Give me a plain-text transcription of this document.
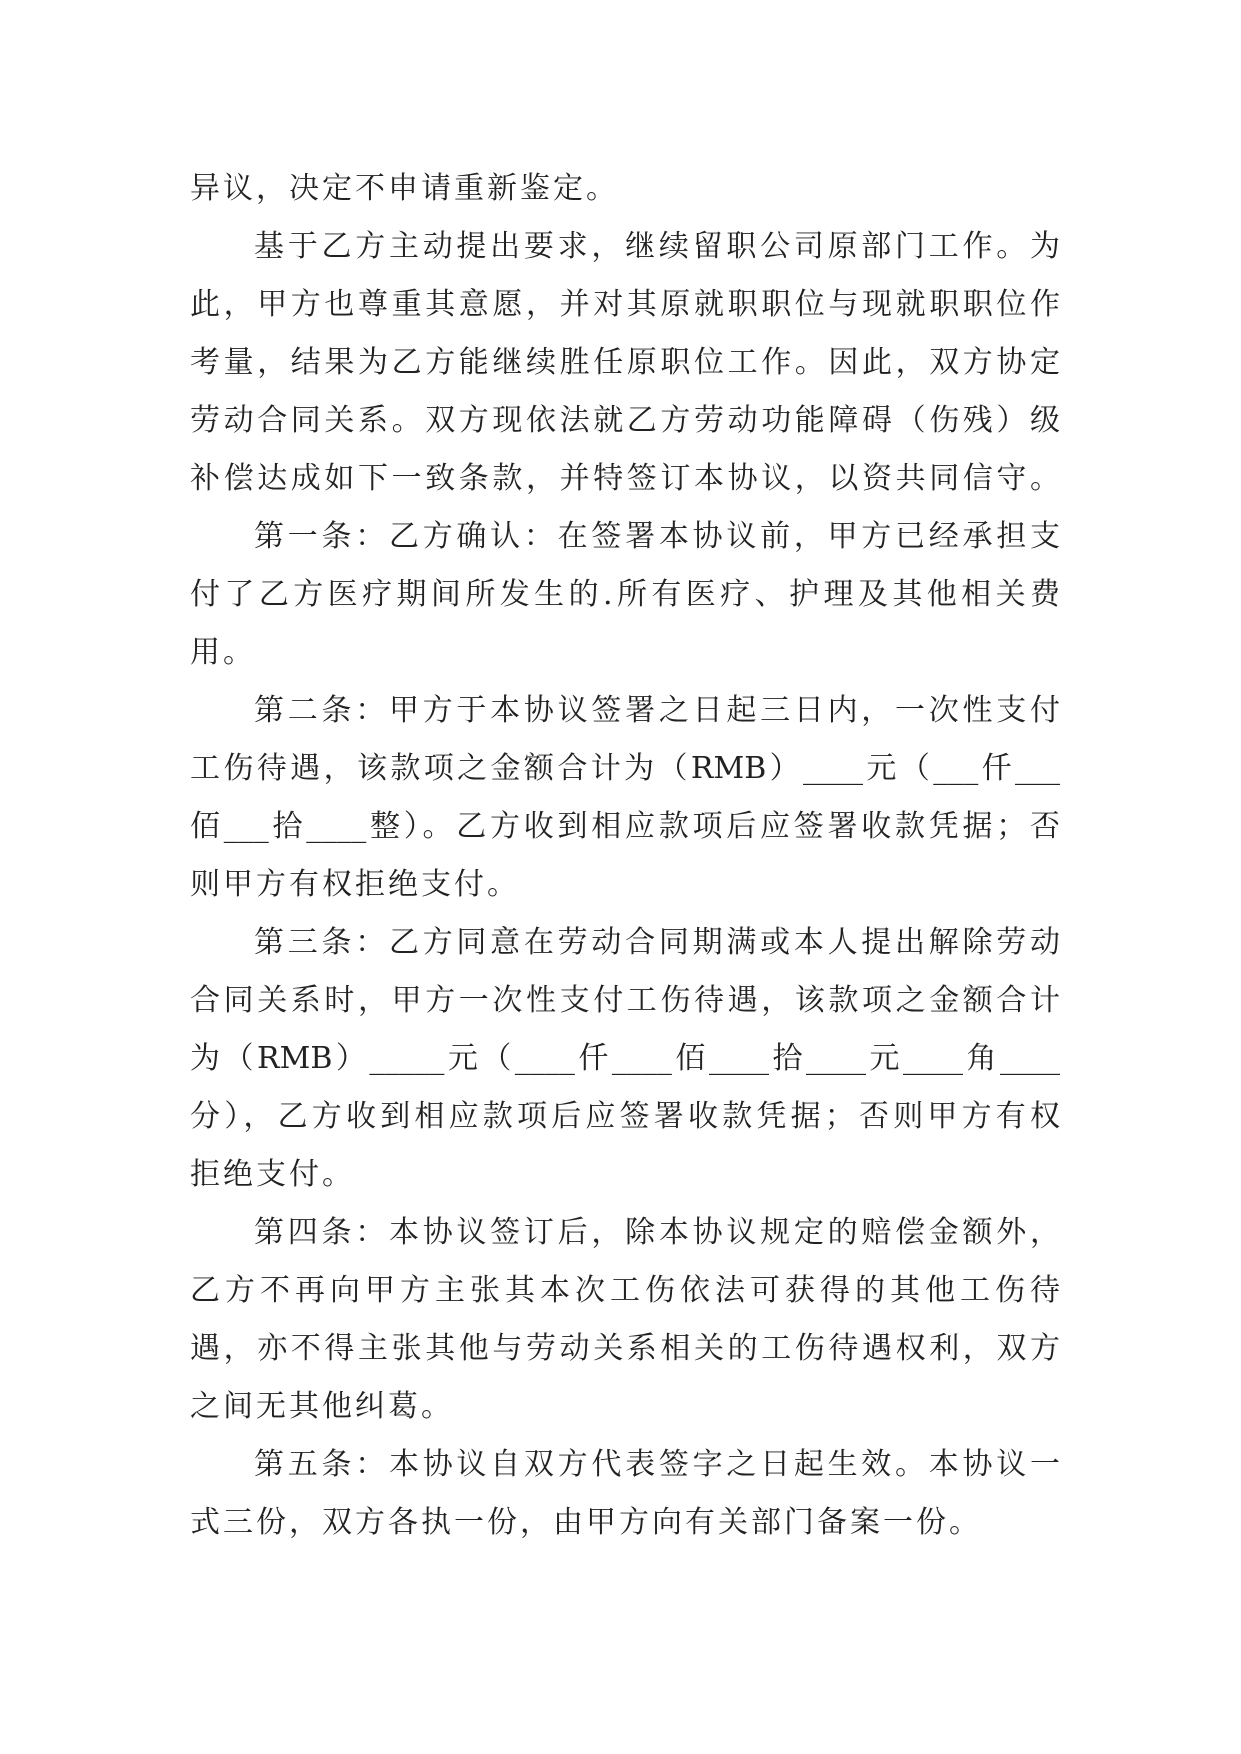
异议，决定不申请重新鉴定。
基于乙方主动提出要求，继续留职公司原部门工作。为
此，甲方也尊重其意愿，并对其原就职职位与现就职职位作
考量，结果为乙方能继续胜任原职位工作。因此，双方协定
劳动合同关系。双方现依法就乙方劳动功能障碍（伤残）级
补偿达成如下一致条款，并特签订本协议，以资共同信守。
第一条：乙方确认：在签署本协议前，甲方已经承担支
付了乙方医疗期间所发生的.所有医疗、护理及其他相关费
用。
第二条：甲方于本协议签署之日起三日内，一次性支付
工伤待遇，该款项之金额合计为（RMB）____元（___仟___
佰___拾____整）。乙方收到相应款项后应签署收款凭据；否
则甲方有权拒绝支付。
第三条：乙方同意在劳动合同期满或本人提出解除劳动
合同关系时，甲方一次性支付工伤待遇，该款项之金额合计
为（RMB）_____元（____仟____佰____拾____元____角____
分），乙方收到相应款项后应签署收款凭据；否则甲方有权
拒绝支付。
第四条：本协议签订后，除本协议规定的赔偿金额外，
乙方不再向甲方主张其本次工伤依法可获得的其他工伤待
遇，亦不得主张其他与劳动关系相关的工伤待遇权利，双方
之间无其他纠葛。
第五条：本协议自双方代表签字之日起生效。本协议一
式三份，双方各执一份，由甲方向有关部门备案一份。
